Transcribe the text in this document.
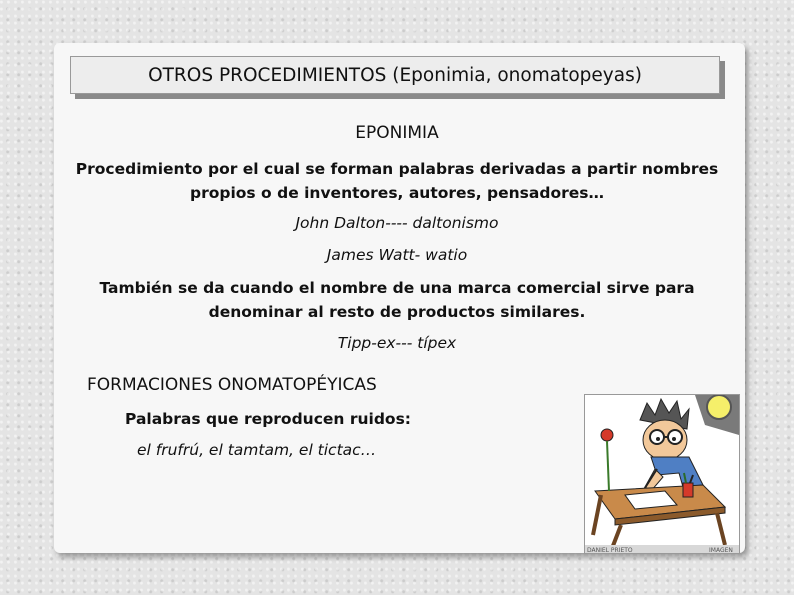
OTROS PROCEDIMIENTOS (Eponimia, onomatopeyas)
EPONIMIA
Procedimiento por el cual se forman palabras derivadas a partir nombres
propios o de inventores, autores, pensadores…
John Dalton---- daltonismo
James Watt- watio
También se da cuando el nombre de una marca comercial sirve para
denominar al resto de productos similares.
Tipp-ex--- típex
FORMACIONES ONOMATOPÉYICAS
Palabras que reproducen ruidos:
el frufrú, el tamtam, el tictac…
DANIEL PRIETO	IMAGEN
